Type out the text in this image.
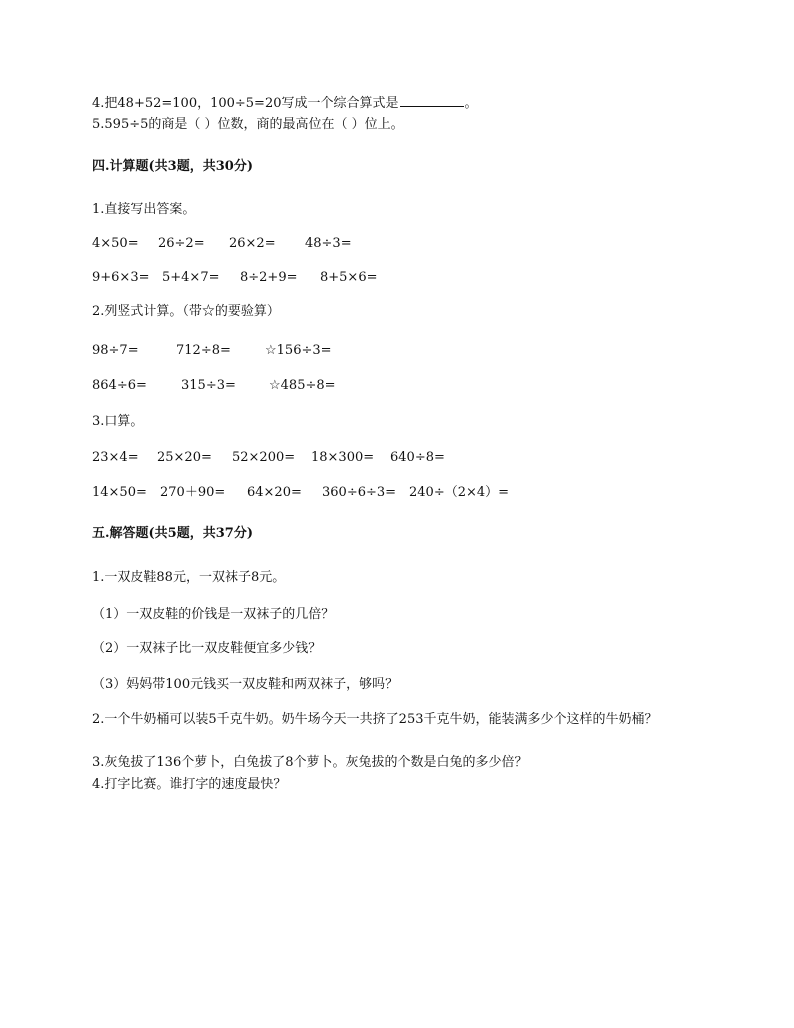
4.把48+52=100，100÷5=20写成一个综合算式是	。
5.595÷5的商是（ ）位数，商的最高位在（ ）位上。
四.计算题(共3题，共30分)
1.直接写出答案。
4×50= 26÷2= 26×2= 48÷3=
9+6×3= 5+4×7= 8÷2+9= 8+5×6=
2.列竖式计算。（带☆的要验算）
98÷7=	712÷8=	☆156÷3=
864÷6=	315÷3=	☆485÷8=
3.口算。
23×4= 25×20= 52×200= 18×300= 640÷8=
14×50= 270＋90= 64×20= 360÷6÷3= 240÷（2×4）=
五.解答题(共5题，共37分)
1.一双皮鞋88元，一双袜子8元。
（1）一双皮鞋的价钱是一双袜子的几倍？
（2）一双袜子比一双皮鞋便宜多少钱？
（3）妈妈带100元钱买一双皮鞋和两双袜子，够吗？
2.一个牛奶桶可以装5千克牛奶。奶牛场今天一共挤了253千克牛奶，能装满多少个这样的牛奶桶？
3.灰兔拔了136个萝卜，白兔拔了8个萝卜。灰兔拔的个数是白兔的多少倍？
4.打字比赛。谁打字的速度最快？
